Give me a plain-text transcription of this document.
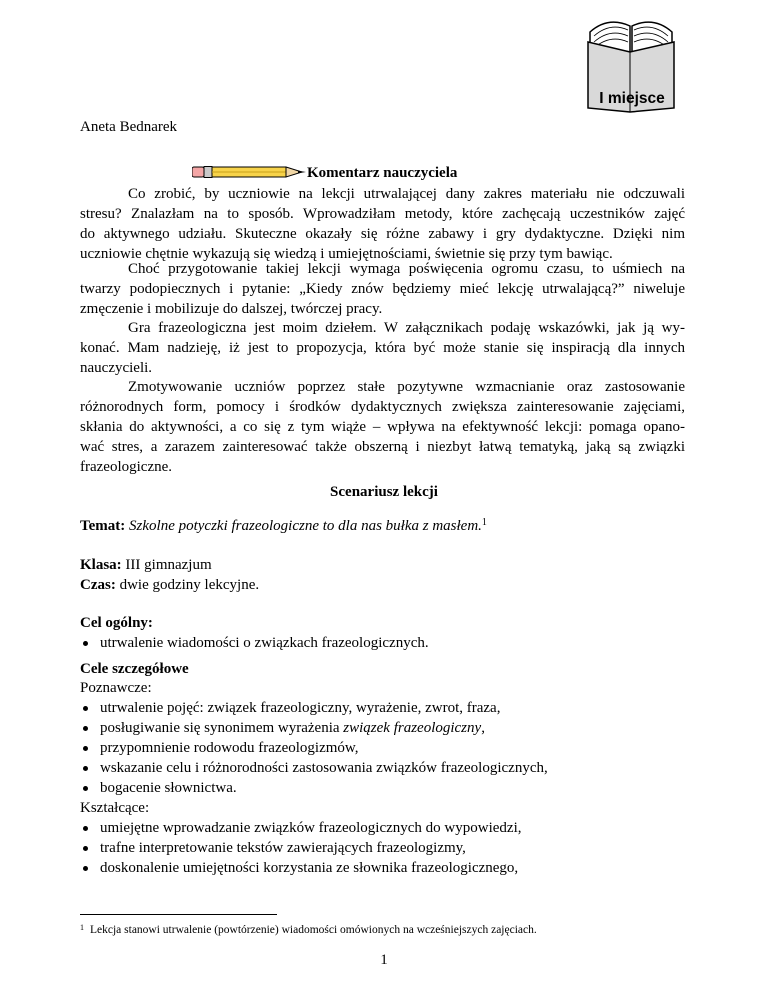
I miejsce
Aneta Bednarek
Komentarz nauczyciela
Co zrobić, by uczniowie na lekcji utrwalającej dany zakres materiału nie odczuwali
stresu? Znalazłam na to sposób. Wprowadziłam metody, które zachęcają uczestników zajęć
do aktywnego udziału. Skuteczne okazały się różne zabawy i gry dydaktyczne. Dzięki nim
uczniowie chętnie wykazują się wiedzą i umiejętnościami, świetnie się przy tym bawiąc.
Choć przygotowanie takiej lekcji wymaga poświęcenia ogromu czasu, to uśmiech na
twarzy podopiecznych i pytanie: „Kiedy znów będziemy mieć lekcję utrwalającą?” niweluje
zmęczenie i mobilizuje do dalszej, twórczej pracy.
Gra frazeologiczna jest moim dziełem. W załącznikach podaję wskazówki, jak ją wy-
konać. Mam nadzieję, iż jest to propozycja, która być może stanie się inspiracją dla innych
nauczycieli.
Zmotywowanie uczniów poprzez stałe pozytywne wzmacnianie oraz zastosowanie
różnorodnych form, pomocy i środków dydaktycznych zwiększa zainteresowanie zajęciami,
skłania do aktywności, a co się z tym wiąże – wpływa na efektywność lekcji: pomaga opano-
wać stres, a zarazem zainteresować także obszerną i niezbyt łatwą tematyką, jaką są związki
frazeologiczne.
Scenariusz lekcji
Temat: Szkolne potyczki frazeologiczne to dla nas bułka z masłem.$^1$
Klasa: III gimnazjum
Czas: dwie godziny lekcyjne.
Cel ogólny:
utrwalenie wiadomości o związkach frazeologicznych.
Cele szczegółowe
Poznawcze:
utrwalenie pojęć: związek frazeologiczny, wyrażenie, zwrot, fraza,
posługiwanie się synonimem wyrażenia związek frazeologiczny,
przypomnienie rodowodu frazeologizmów,
wskazanie celu i różnorodności zastosowania związków frazeologicznych,
bogacenie słownictwa.
Kształcące:
umiejętne wprowadzanie związków frazeologicznych do wypowiedzi,
trafne interpretowanie tekstów zawierających frazeologizmy,
doskonalenie umiejętności korzystania ze słownika frazeologicznego,
$^1$ Lekcja stanowi utrwalenie (powtórzenie) wiadomości omówionych na wcześniejszych zajęciach.
1
